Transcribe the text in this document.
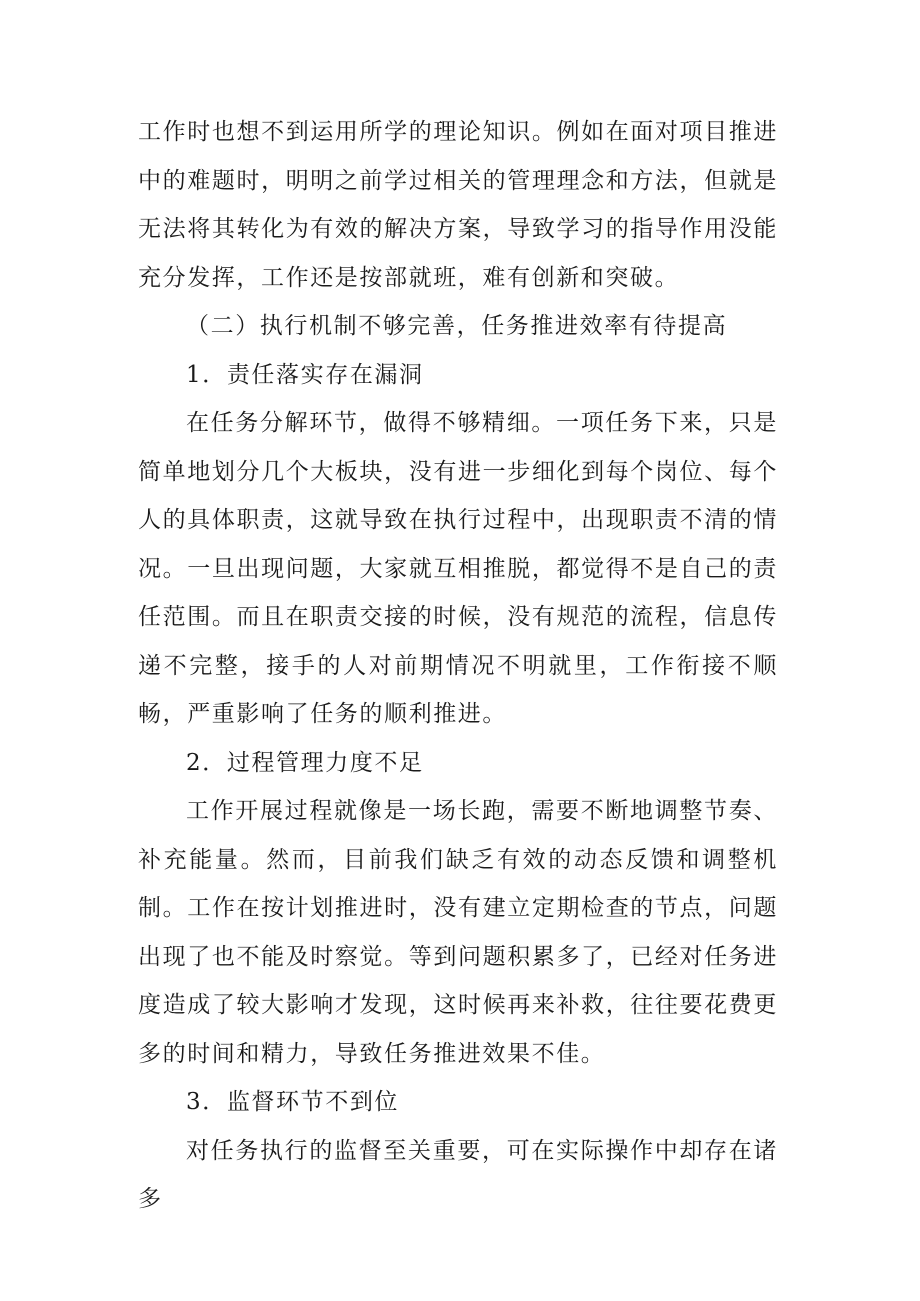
工作时也想不到运用所学的理论知识。例如在面对项目推进中的难题时，明明之前学过相关的管理理念和方法，但就是无法将其转化为有效的解决方案，导致学习的指导作用没能充分发挥，工作还是按部就班，难有创新和突破。

（二）执行机制不够完善，任务推进效率有待提高

1．责任落实存在漏洞

在任务分解环节，做得不够精细。一项任务下来，只是简单地划分几个大板块，没有进一步细化到每个岗位、每个人的具体职责，这就导致在执行过程中，出现职责不清的情况。一旦出现问题，大家就互相推脱，都觉得不是自己的责任范围。而且在职责交接的时候，没有规范的流程，信息传递不完整，接手的人对前期情况不明就里，工作衔接不顺畅，严重影响了任务的顺利推进。

2．过程管理力度不足

工作开展过程就像是一场长跑，需要不断地调整节奏、补充能量。然而，目前我们缺乏有效的动态反馈和调整机制。工作在按计划推进时，没有建立定期检查的节点，问题出现了也不能及时察觉。等到问题积累多了，已经对任务进度造成了较大影响才发现，这时候再来补救，往往要花费更多的时间和精力，导致任务推进效果不佳。

3．监督环节不到位

对任务执行的监督至关重要，可在实际操作中却存在诸多
